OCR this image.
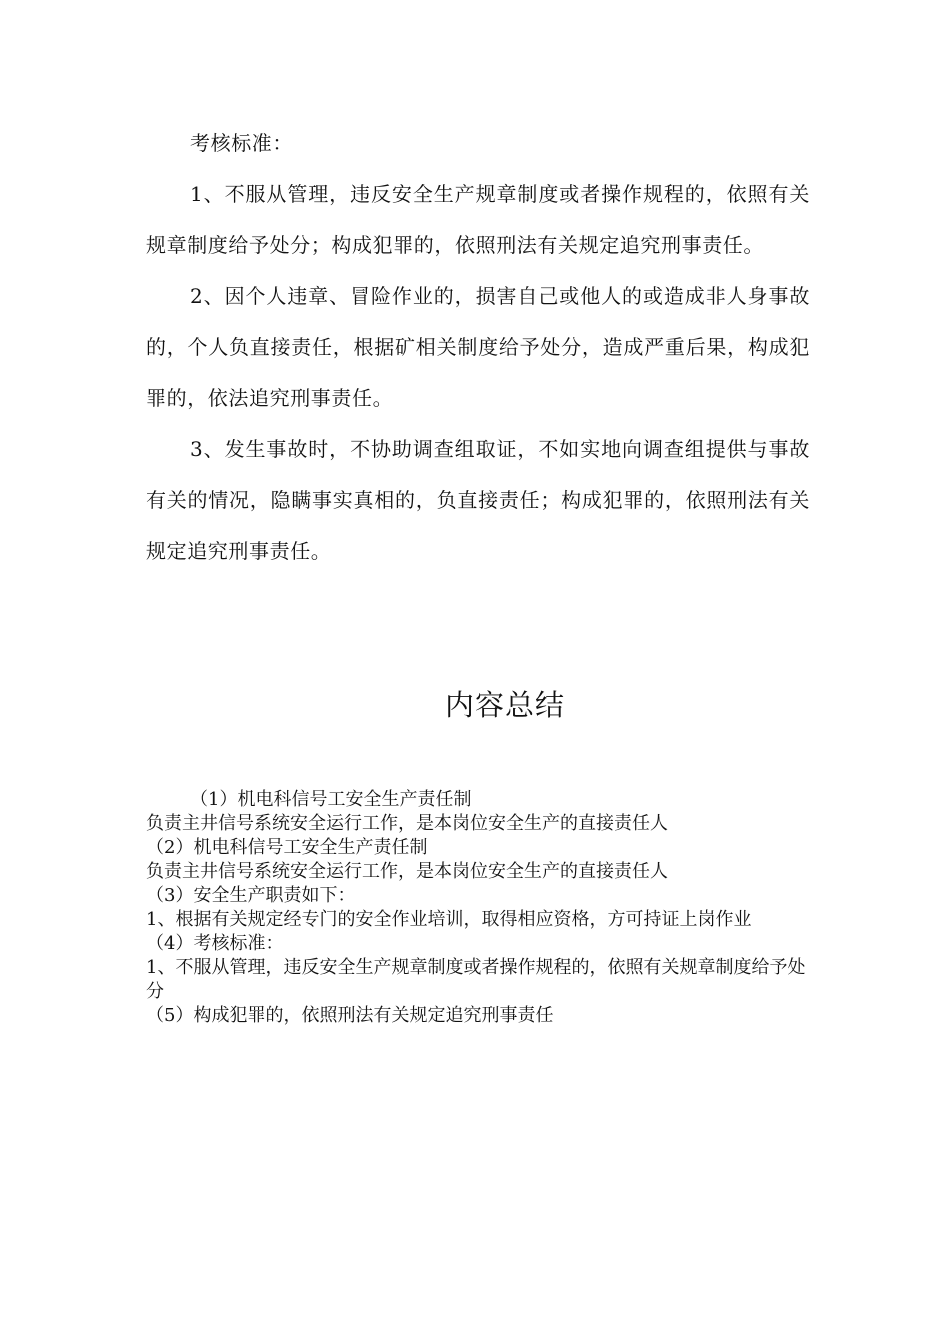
考核标准：

1、不服从管理，违反安全生产规章制度或者操作规程的，依照有关规章制度给予处分；构成犯罪的，依照刑法有关规定追究刑事责任。

2、因个人违章、冒险作业的，损害自己或他人的或造成非人身事故的，个人负直接责任，根据矿相关制度给予处分，造成严重后果，构成犯罪的，依法追究刑事责任。

3、发生事故时，不协助调查组取证，不如实地向调查组提供与事故有关的情况，隐瞒事实真相的，负直接责任；构成犯罪的，依照刑法有关规定追究刑事责任。

内容总结

（1）机电科信号工安全生产责任制

负责主井信号系统安全运行工作，是本岗位安全生产的直接责任人

（2）机电科信号工安全生产责任制

负责主井信号系统安全运行工作，是本岗位安全生产的直接责任人

（3）安全生产职责如下：

1、根据有关规定经专门的安全作业培训，取得相应资格，方可持证上岗作业

（4）考核标准：

1、不服从管理，违反安全生产规章制度或者操作规程的，依照有关规章制度给予处分

（5）构成犯罪的，依照刑法有关规定追究刑事责任
